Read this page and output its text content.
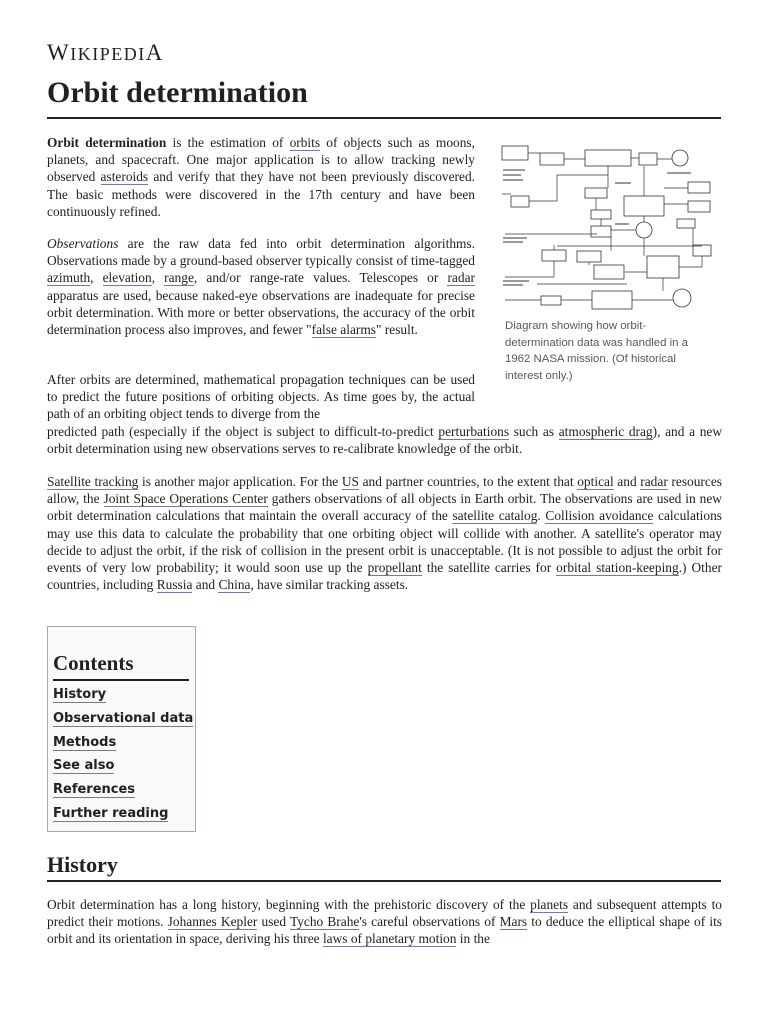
WIKIPEDIA
Orbit determination

Orbit determination is the estimation of orbits of objects such as moons, planets, and spacecraft. One major application is to allow tracking newly observed asteroids and verify that they have not been previously discovered. The basic methods were discovered in the 17th century and have been continuously refined.

Observations are the raw data fed into orbit determination algorithms. Observations made by a ground-based observer typically consist of time-tagged azimuth, elevation, range, and/or range-rate values. Telescopes or radar apparatus are used, because naked-eye observations are inadequate for precise orbit determination. With more or better observations, the accuracy of the orbit determination process also improves, and fewer "false alarms" result.

After orbits are determined, mathematical propagation techniques can be used to predict the future positions of orbiting objects. As time goes by, the actual path of an orbiting object tends to diverge from the

predicted path (especially if the object is subject to difficult-to-predict perturbations such as atmospheric drag), and a new orbit determination using new observations serves to re-calibrate knowledge of the orbit.

Satellite tracking is another major application. For the US and partner countries, to the extent that optical and radar resources allow, the Joint Space Operations Center gathers observations of all objects in Earth orbit. The observations are used in new orbit determination calculations that maintain the overall accuracy of the satellite catalog. Collision avoidance calculations may use this data to calculate the probability that one orbiting object will collide with another. A satellite's operator may decide to adjust the orbit, if the risk of collision in the present orbit is unacceptable. (It is not possible to adjust the orbit for events of very low probability; it would soon use up the propellant the satellite carries for orbital station-keeping.) Other countries, including Russia and China, have similar tracking assets.

Diagram showing how orbit-determination data was handled in a 1962 NASA mission. (Of historical interest only.)
Contents
History
Observational data
Methods
See also
References
Further reading
History

Orbit determination has a long history, beginning with the prehistoric discovery of the planets and subsequent attempts to predict their motions. Johannes Kepler used Tycho Brahe's careful observations of Mars to deduce the elliptical shape of its orbit and its orientation in space, deriving his three laws of planetary motion in the
